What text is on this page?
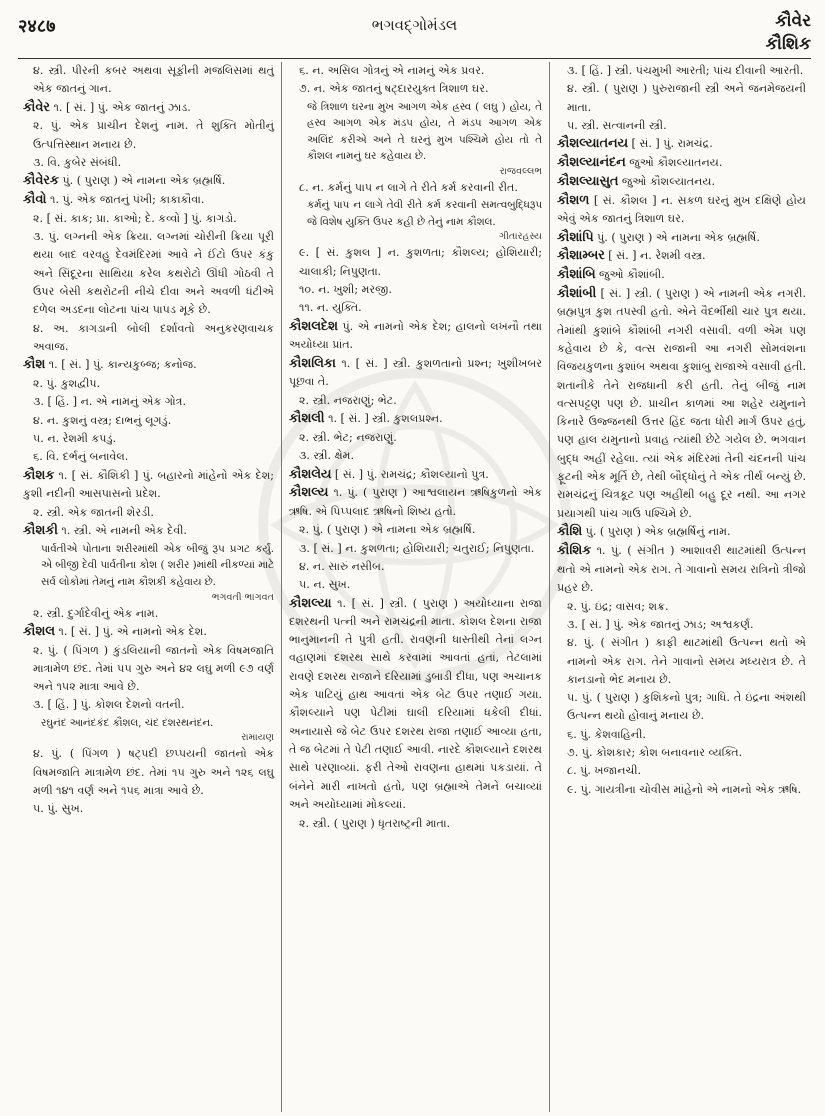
२४८७	ભગવદ્ગોમંડલ	કૌવેર
કૌશિક
૪. સ્ત્રી. પીરની કબર અથવા સૂફીની મજલિસમાં થતું એક જાતનું ગાન.
કૌવેર ૧. [ સં. ] પું. એક જાતનું ઝાડ.
૨. પું. એક પ્રાચીન દેશનું નામ. તે શુક્તિ મોતીનું ઉત્પત્તિસ્થાન મનાય છે.
૩. વિ. કુબેર સંબંધી.
કૌવેરક પું. ( પુરાણ ) એ નામના એક બ્રહ્મર્ષિ.
કૌવો ૧. પું. એક જાતનું પંખી; કાકાકૌવા.
૨. [ સં. કાક; પ્રા. કાઓ; દે. કવ્વો ] પું. કાગડો.
૩. પું. લગ્નની એક ક્રિયા. લગ્નમાં ચોરીની ક્રિયા પૂરી થયા બાદ વરવહુ દેવમંદિરમાં આવે ને ઈંટો ઉપર કંકુ અને સિંદૂરના સાથિયા કરેલ કથરોટો ઊંધી ગોઠવી તે ઉપર બેસી કથરોટની નીચે દીવા અને અવળી ધંટીએ દળેલ અડદના લોટના પાંચ પાપડ મૂકે છે.
૪. અ. કાગડાની બોલી દર્શાવતો અનુકરણવાચક અવાજ.
કૌશ ૧. [ સં. ] પું. કાન્યકુબ્જ; કનોજ.
૨. પું. કુશદ્વીપ.
૩. [ હિં. ] ન. એ નામનું એક ગોત્ર.
૪. ન. કુશનું વસ્ત્ર; દાભનું લૂગડું.
૫. ન. રેશમી કપડું.
૬. વિ. દર્ભનું બનાવેલ.
કૌશક ૧. [ સં. કૌશિકી ] પું. બહારનો માંહેનો એક દેશ; કુશી નદીની આસપાસનો પ્રદેશ.
૨. સ્ત્રી. એક જાતની શેરડી.
કૌશકી ૧. સ્ત્રી. એ નામની એક દેવી.
પાર્વતીએ પોતાના શરીરમાંથી એક બીજું રૂપ પ્રગટ કર્યું. એ બીજી દેવી પાર્વતીના કોશ ( શરીર )માંથી નીકળ્યાં માટે સર્વ લોકોમાં તેમનું નામ કૌશકી કહેવાય છે.
ભગવતી ભાગવત
૨. સ્ત્રી. દુર્ગાદેવીનું એક નામ.
કૌશલ ૧. [ સં. ] પું. એ નામનો એક દેશ.
૨. પું. ( પિંગળ ) કુંડલિયાની જાતનો એક વિષમજાતિ માત્રામેળ છંદ. તેમાં ૫૫ ગુરુ અને ૪૨ લઘુ મળી ૯૭ વર્ણ અને ૧૫૨ માત્રા આવે છે.
૩. [ હિં. ] પું. કોશલ દેશનો વતની.
રઘુનંદ આનંદકંદ કૌશલ, ચંદ દશરથનંદન.
રામાયણ
૪. પું. ( પિંગળ ) ષટ્પદી છપ્પયની જાતનો એક વિષમજાતિ માત્રામેળ છંદ. તેમાં ૧૫ ગુરુ અને ૧૨૬ લઘુ મળી ૧૪૧ વર્ણ અને ૧૫૬ માત્રા આવે છે.
૫. પું. સુખ.
૬. ન. અસિલ ગોત્રનું એ નામનું એક પ્રવર.
૭. ન. એક જાતનું ષટ્દારયુક્ત ત્રિશાળ ઘર.
જે ત્રિશાળ ઘરના મુખ આગળ એક હ્રસ્વ ( લઘુ ) હોય, તે હ્રસ્વ આગળ એક મંડપ હોય, તે મંડપ આગળ એક અલિંદ કરીએ અને તે ઘરનું મુખ પશ્ચિમે હોય તો તે કૌશલ નામનું ઘર કહેવાય છે.
રાજવલ્લભ
૮. ન. કર્મનું પાપ ન લાગે તે રીતે કર્મ કરવાની રીત.
કર્મનું પાપ ન લાગે તેવી રીતે કર્મ કરવાની સમત્વબુદ્ધિરૂપ જે વિશેષ યુક્તિ ઉપર કહી છે તેનું નામ કૌશલ.
ગીતારહસ્ય
૯. [ સં. કુશલ ] ન. કુશળતા; કૌશલ્ય; હોશિયારી; ચાલાકી; નિપુણતા.
૧૦. ન. ખુશી; મરજી.
૧૧. ન. યુક્તિ.
કૌશલદેશ પું. એ નામનો એક દેશ; હાલનો લખનૌ તથા અયોધ્યા પ્રાંત.
કૌશલિકા ૧. [ સં. ] સ્ત્રી. કુશળતાનો પ્રશ્ન; ખુશીખબર પૂછવા તે.
૨. સ્ત્રી. નજરાણું; ભેટ.
કૌશલી ૧. [ સં. ] સ્ત્રી. કુશલપ્રશ્ન.
૨. સ્ત્રી. ભેટ; નજરાણું.
૩. સ્ત્રી. ક્ષેમ.
કૌશલેય [ સં. ] પું. રામચંદ્ર; કૌશલ્યાનો પુત્ર.
કૌશલ્ય ૧. પું. ( પુરાણ ) આશ્વલાયન ઋષિકુળનો એક ઋષિ. એ પિપ્પલાદ ઋષિનો શિષ્ય હતો.
૨. પું. ( પુરાણ ) એ નામના એક બ્રહ્મર્ષિ.
૩. [ સં. ] ન. કુશળતા; હોશિયારી; ચતુરાઈ; નિપુણતા.
૪. ન. સારું નસીબ.
૫. ન. સુખ.
કૌશલ્યા ૧. [ સં. ] સ્ત્રી. ( પુરાણ ) અયોધ્યાના રાજા દશરથની પત્ની અને રામચંદ્રની માતા. કોશલ દેશના રાજા ભાનુમાનની તે પુત્રી હતી. રાવણની ધાસ્તીથી તેનાં લગ્ન વહાણમાં દશરથ સાથે કરવામાં આવતાં હતાં, તેટલામાં રાવણે દશરથ રાજાને દરિયામાં ડુબાડી દીધા, પણ અચાનક એક પાટિયું હાથ આવતાં એક બેટ ઉપર તણાઈ ગયા. કૌશલ્યાને પણ પેટીમાં ઘાલી દરિયામાં ધકેલી દીધાં. અનાયાસે જે બેટ ઉપર દશરથ રાજા તણાઈ આવ્યા હતા, તે જ બેટમાં તે પેટી તણાઈ આવી. નારદે કૌશલ્યાને દશરથ સાથે પરણાવ્યાં. ફરી તેઓ રાવણના હાથમાં પકડાયાં. તે બંનેને મારી નાખતો હતો, પણ બ્રહ્માએ તેમને બચાવ્યાં અને અયોધ્યામાં મોકલ્યાં.
૨. સ્ત્રી. ( પુરાણ ) ધૃતરાષ્ટ્રની માતા.
૩. [ હિં. ] સ્ત્રી. પંચમુખી આરતી; પાંચ દીવાની આરતી.
૪. સ્ત્રી. ( પુરાણ ) પુરુરાજાની સ્ત્રી અને જનમેજયની માતા.
૫. સ્ત્રી. સત્વાનની સ્ત્રી.
કૌશલ્યાતનય [ સં. ] પું. રામચંદ્ર.
કૌશલ્યાનંદન જુઓ કૌશલ્યાતનય.
કૌશલ્યાસુત જુઓ કૌશલ્યાતનય.
કૌશળ [ સં. કૌશલ ] ન. સકળ ઘરનું મુખ દક્ષિણે હોય એવું એક જાતનું ત્રિશાળ ઘર.
કૌશાંપિ પું. ( પુરાણ ) એ નામના એક બ્રહ્મર્ષિ.
કૌશામ્બર [ સં. ] ન. રેશમી વસ્ત્ર.
કૌશાંબિ જુઓ કૌશાંબી.
કૌશાંબી [ સં. ] સ્ત્રી. ( પુરાણ ) એ નામની એક નગરી. બ્રહ્મપુત્ર કુશ તપસ્વી હતો. એને વૈદર્ભીથી ચાર પુત્ર થયા. તેમાંથી કુશાંબે કૌશાંબી નગરી વસાવી. વળી એમ પણ કહેવાય છે કે, વત્સ રાજાની આ નગરી સોમવંશના વિજયકુળના કુશાંબ અથવા કુશાંબુ રાજાએ વસાવી હતી. શતાનીકે તેને રાજધાની કરી હતી. તેનું બીજું નામ વત્સપટ્ટણ પણ છે. પ્રાચીન કાળમાં આ શહેર યમુનાને કિનારે ઉજ્જનથી ઉત્તર હિંદ જતા ધોરી માર્ગ ઉપર હતું, પણ હાલ યમુનાનો પ્રવાહ ત્યાંથી છેટે ગયેલ છે. ભગવાન બુદ્ધ અહીં રહેલા. ત્યાં એક મંદિરમાં તેની ચંદનની પાંચ ફૂટની એક મૂર્તિ છે, તેથી બૌદ્ધોનું તે એક તીર્થ બન્યું છે. રામચંદ્રનું ચિત્રકૂટ પણ અહીંથી બહુ દૂર નથી. આ નગર પ્રયાગથી પાંચ ગાઉ પશ્ચિમે છે.
કૌશિ પું. ( પુરાણ ) એક બ્રહ્મર્ષિનું નામ.
કૌશિક ૧. પું. ( સંગીત ) આશાવરી થાટમાંથી ઉત્પન્ન થતો એ નામનો એક રાગ. તે ગાવાનો સમય રાત્રિનો ત્રીજો પ્રહર છે.
૨. પું. ઇંદ્ર; વાસવ; શક્ર.
૩. [ સં. ] પું. એક જાતનું ઝાડ; અશ્વકર્ણ.
૪. પું. ( સંગીત ) કાફી થાટમાંથી ઉત્પન્ન થતો એ નામનો એક રાગ. તેને ગાવાનો સમય મધ્યરાત્ર છે. તે કાનડાનો ભેદ મનાય છે.
૫. પું. ( પુરાણ ) કુશિકનો પુત્ર; ગાધિ. તે ઇંદ્રના અંશથી ઉત્પન્ન થયો હોવાનું મનાય છે.
૬. પું. કેશવાહિની.
૭. પું. કોશકાર; કોશ બનાવનાર વ્યક્તિ.
૮. પું. ખજાનચી.
૯. પું. ગાયત્રીના ચોવીસ માંહેનો એ નામનો એક ઋષિ.
